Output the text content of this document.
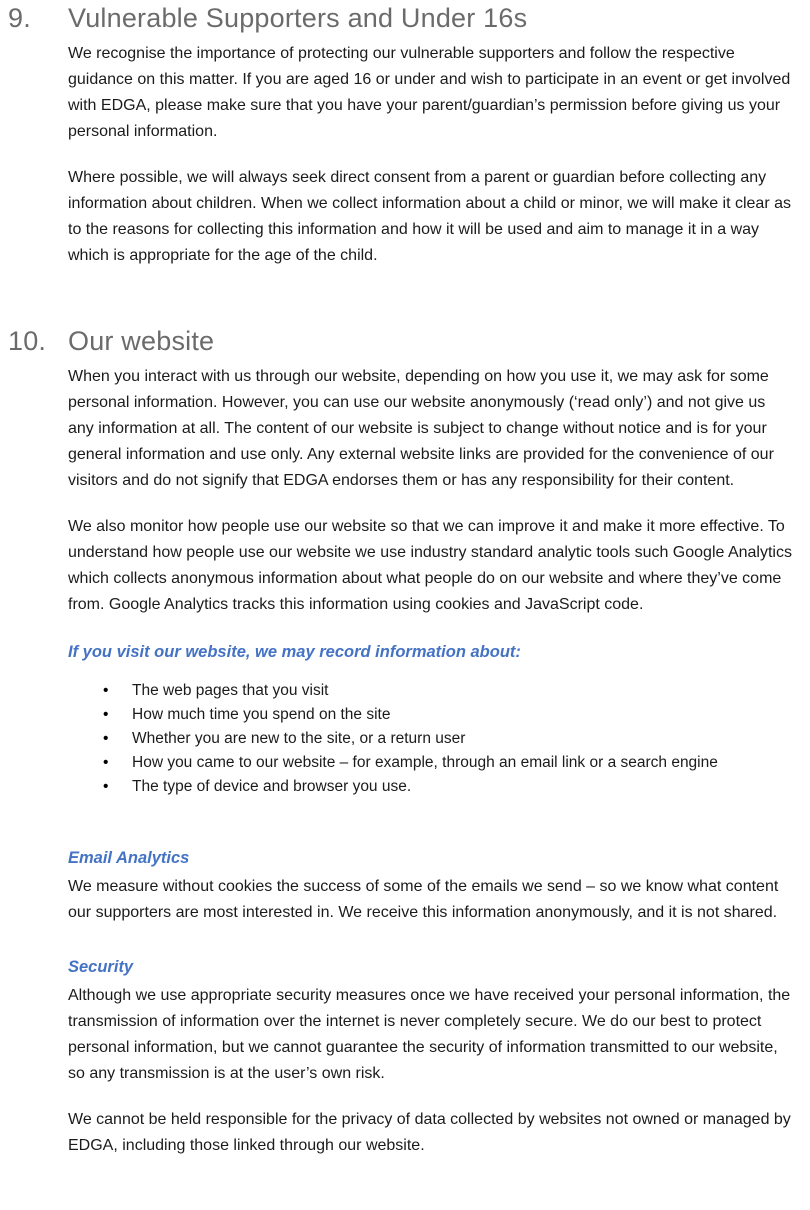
9.	Vulnerable Supporters and Under 16s

We recognise the importance of protecting our vulnerable supporters and follow the respective guidance on this matter. If you are aged 16 or under and wish to participate in an event or get involved with EDGA, please make sure that you have your parent/guardian’s permission before giving us your personal information.

Where possible, we will always seek direct consent from a parent or guardian before collecting any information about children. When we collect information about a child or minor, we will make it clear as to the reasons for collecting this information and how it will be used and aim to manage it in a way which is appropriate for the age of the child.

10. Our website

When you interact with us through our website, depending on how you use it, we may ask for some personal information. However, you can use our website anonymously (‘read only’) and not give us any information at all. The content of our website is subject to change without notice and is for your general information and use only. Any external website links are provided for the convenience of our visitors and do not signify that EDGA endorses them or has any responsibility for their content.

We also monitor how people use our website so that we can improve it and make it more effective. To understand how people use our website we use industry standard analytic tools such Google Analytics which collects anonymous information about what people do on our website and where they’ve come from. Google Analytics tracks this information using cookies and JavaScript code.

If you visit our website, we may record information about:
• The web pages that you visit
• How much time you spend on the site
• Whether you are new to the site, or a return user
• How you came to our website – for example, through an email link or a search engine
• The type of device and browser you use.
Email Analytics

We measure without cookies the success of some of the emails we send – so we know what content our supporters are most interested in. We receive this information anonymously, and it is not shared.

Security

Although we use appropriate security measures once we have received your personal information, the transmission of information over the internet is never completely secure. We do our best to protect personal information, but we cannot guarantee the security of information transmitted to our website, so any transmission is at the user’s own risk.

We cannot be held responsible for the privacy of data collected by websites not owned or managed by EDGA, including those linked through our website.
